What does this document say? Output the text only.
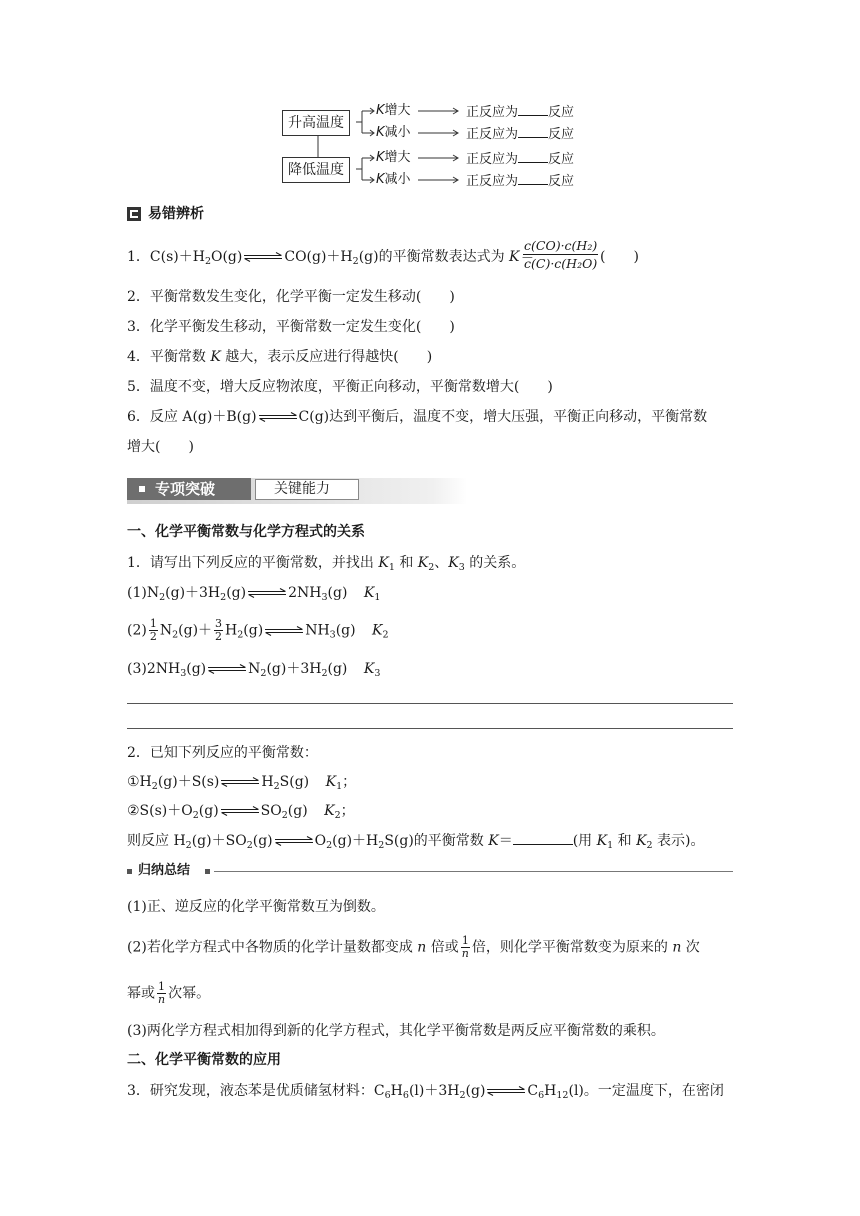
升高温度
降低温度
K增大
K减小
K增大
K减小
正反应为 反应
正反应为 反应
正反应为 反应
正反应为 反应
易错辨析
1．$C(s)+H_2O(g)$	$CO(g)+H_2(g)$的平衡常数表达式为 K＝
$\frac{\text{c(CO)·c(H₂)}}{\text{c(C)·c(H₂O)}}$ (　　)
2．平衡常数发生变化，化学平衡一定发生移动(　　)
3．化学平衡发生移动，平衡常数一定发生变化(　　)
4．平衡常数 K 越大，表示反应进行得越快(　　)
5．温度不变，增大反应物浓度，平衡正向移动，平衡常数增大(　　)
6．反应 A(g)＋B(g)	C(g)达到平衡后，温度不变，增大压强，平衡正向移动，平衡常数
增大(　　)
专项突破	关键能力
一、化学平衡常数与化学方程式的关系
1．请写出下列反应的平衡常数，并找出 $K_1$ 和 $K_2$、$K_3$ 的关系。
$(1)N_2(g)+3H_2(g)$	$2NH_3(g)$ $K_1$
$(2) \frac{1}{2} N_2(g)+ \frac{3}{2} H_2(g)$	$NH_3(g)$ $K_2$
$(3)2NH_3(g)$	$N_2(g)+3H_2(g)$ $K_3$
2．已知下列反应的平衡常数：
$①H_2(g)+S(s)$	$H_2S(g)$ $K_1$；
$②S(s)+O_2(g)$	$SO_2(g)$ $K_2$；
则反应 $H_2(g)+SO_2(g)$	$O_2(g)+H_2S(g)$的平衡常数 K＝	(用 $K_1$ 和 $K_2$ 表示)。
归纳总结
(1)正、逆反应的化学平衡常数互为倒数。
(2)若化学方程式中各物质的化学计量数都变成 n 倍或 $\frac{1}{n}$ 倍，则化学平衡常数变为原来的 n 次
幂或 $\frac{1}{n}$ 次幂。
(3)两化学方程式相加得到新的化学方程式，其化学平衡常数是两反应平衡常数的乘积。
二、化学平衡常数的应用
3．研究发现，液态苯是优质储氢材料：$C_6H_6(l)+3H_2(g)$	$C_6H_{12}(l)$。一定温度下，在密闭
